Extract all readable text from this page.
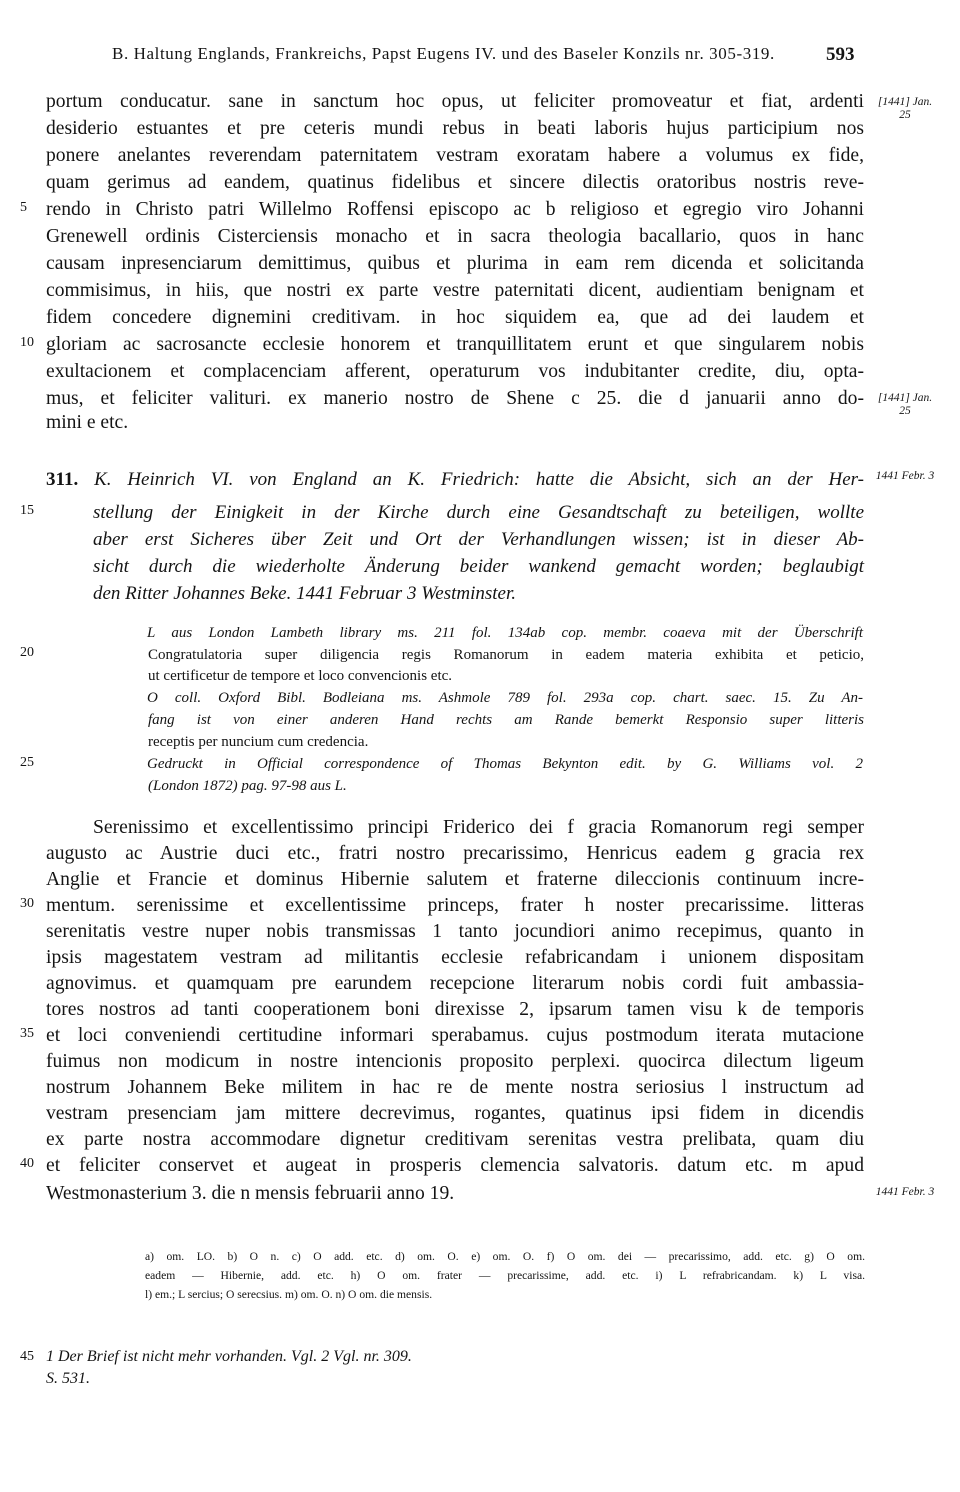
B. Haltung Englands, Frankreichs, Papst Eugens IV. und des Baseler Konzils nr. 305-319.	593

portum conducatur. sane in sanctum hoc opus, ut feliciter promoveatur et fiat, ardenti

desiderio estuantes et pre ceteris mundi rebus in beati laboris hujus participium nos

ponere anelantes reverendam paternitatem vestram exoratam habere a volumus ex fide,

quam gerimus ad eandem, quatinus fidelibus et sincere dilectis oratoribus nostris reve-

rendo in Christo patri Willelmo Roffensi episcopo ac b religioso et egregio viro Johanni

Grenewell ordinis Cisterciensis monacho et in sacra theologia bacallario, quos in hanc

causam inpresenciarum demittimus, quibus et plurima in eam rem dicenda et solicitanda

commisimus, in hiis, que nostri ex parte vestre paternitati dicent, audientiam benignam et

fidem concedere dignemini creditivam. in hoc siquidem ea, que ad dei laudem et

gloriam ac sacrosancte ecclesie honorem et tranquillitatem erunt et que singularem nobis

exultacionem et complacenciam afferent, operaturum vos indubitanter credite, diu, opta-

mus, et feliciter valituri. ex manerio nostro de Shene c 25. die d januarii anno do-

mini e etc.

5
10
[1441] Jan. 25
[1441] Jan. 25

311. K. Heinrich VI. von England an K. Friedrich: hatte die Absicht, sich an der Her-

stellung der Einigkeit in der Kirche durch eine Gesandtschaft zu beteiligen, wollte

aber erst Sicheres über Zeit und Ort der Verhandlungen wissen; ist in dieser Ab-

sicht durch die wiederholte Änderung beider wankend gemacht worden; beglaubigt

den Ritter Johannes Beke. 1441 Februar 3 Westminster.

15
1441 Febr. 3

L aus London Lambeth library ms. 211 fol. 134ab cop. membr. coaeva mit der Überschrift

Congratulatoria super diligencia regis Romanorum in eadem materia exhibita et peticio,

ut certificetur de tempore et loco convencionis etc.

O coll. Oxford Bibl. Bodleiana ms. Ashmole 789 fol. 293a cop. chart. saec. 15. Zu An-

fang ist von einer anderen Hand rechts am Rande bemerkt Responsio super litteris

receptis per nuncium cum credencia.

Gedruckt in Official correspondence of Thomas Bekynton edit. by G. Williams vol. 2

(London 1872) pag. 97-98 aus L.

20
25

Serenissimo et excellentissimo principi Friderico dei f gracia Romanorum regi semper

augusto ac Austrie duci etc., fratri nostro precarissimo, Henricus eadem g gracia rex

Anglie et Francie et dominus Hibernie salutem et fraterne dileccionis continuum incre-

mentum. serenissime et excellentissime princeps, frater h noster precarissime. litteras

serenitatis vestre nuper nobis transmissas 1 tanto jocundiori animo recepimus, quanto in

ipsis magestatem vestram ad militantis ecclesie refabricandam i unionem dispositam

agnovimus. et quamquam pre earundem recepcione literarum nobis cordi fuit ambassia-

tores nostros ad tanti cooperationem boni direxisse 2, ipsarum tamen visu k de temporis

et loci conveniendi certitudine informari sperabamus. cujus postmodum iterata mutacione

fuimus non modicum in nostre intencionis proposito perplexi. quocirca dilectum ligeum

nostrum Johannem Beke militem in hac re de mente nostra seriosius l instructum ad

vestram presenciam jam mittere decrevimus, rogantes, quatinus ipsi fidem in dicendis

ex parte nostra accommodare dignetur creditivam serenitas vestra prelibata, quam diu

et feliciter conservet et augeat in prosperis clemencia salvatoris. datum etc. m apud

Westmonasterium 3. die n mensis februarii anno 19.

30
35
40
1441 Febr. 3

a) om. LO. b) O n. c) O add. etc. d) om. O. e) om. O. f) O om. dei — precarissimo, add. etc. g) O om.

eadem — Hibernie, add. etc. h) O om. frater — precarissime, add. etc. i) L refrabricandam. k) L visa.

l) em.; L sercius; O serecsius. m) om. O. n) O om. die mensis.

1 Der Brief ist nicht mehr vorhanden. Vgl. 2 Vgl. nr. 309.

S. 531.

45
